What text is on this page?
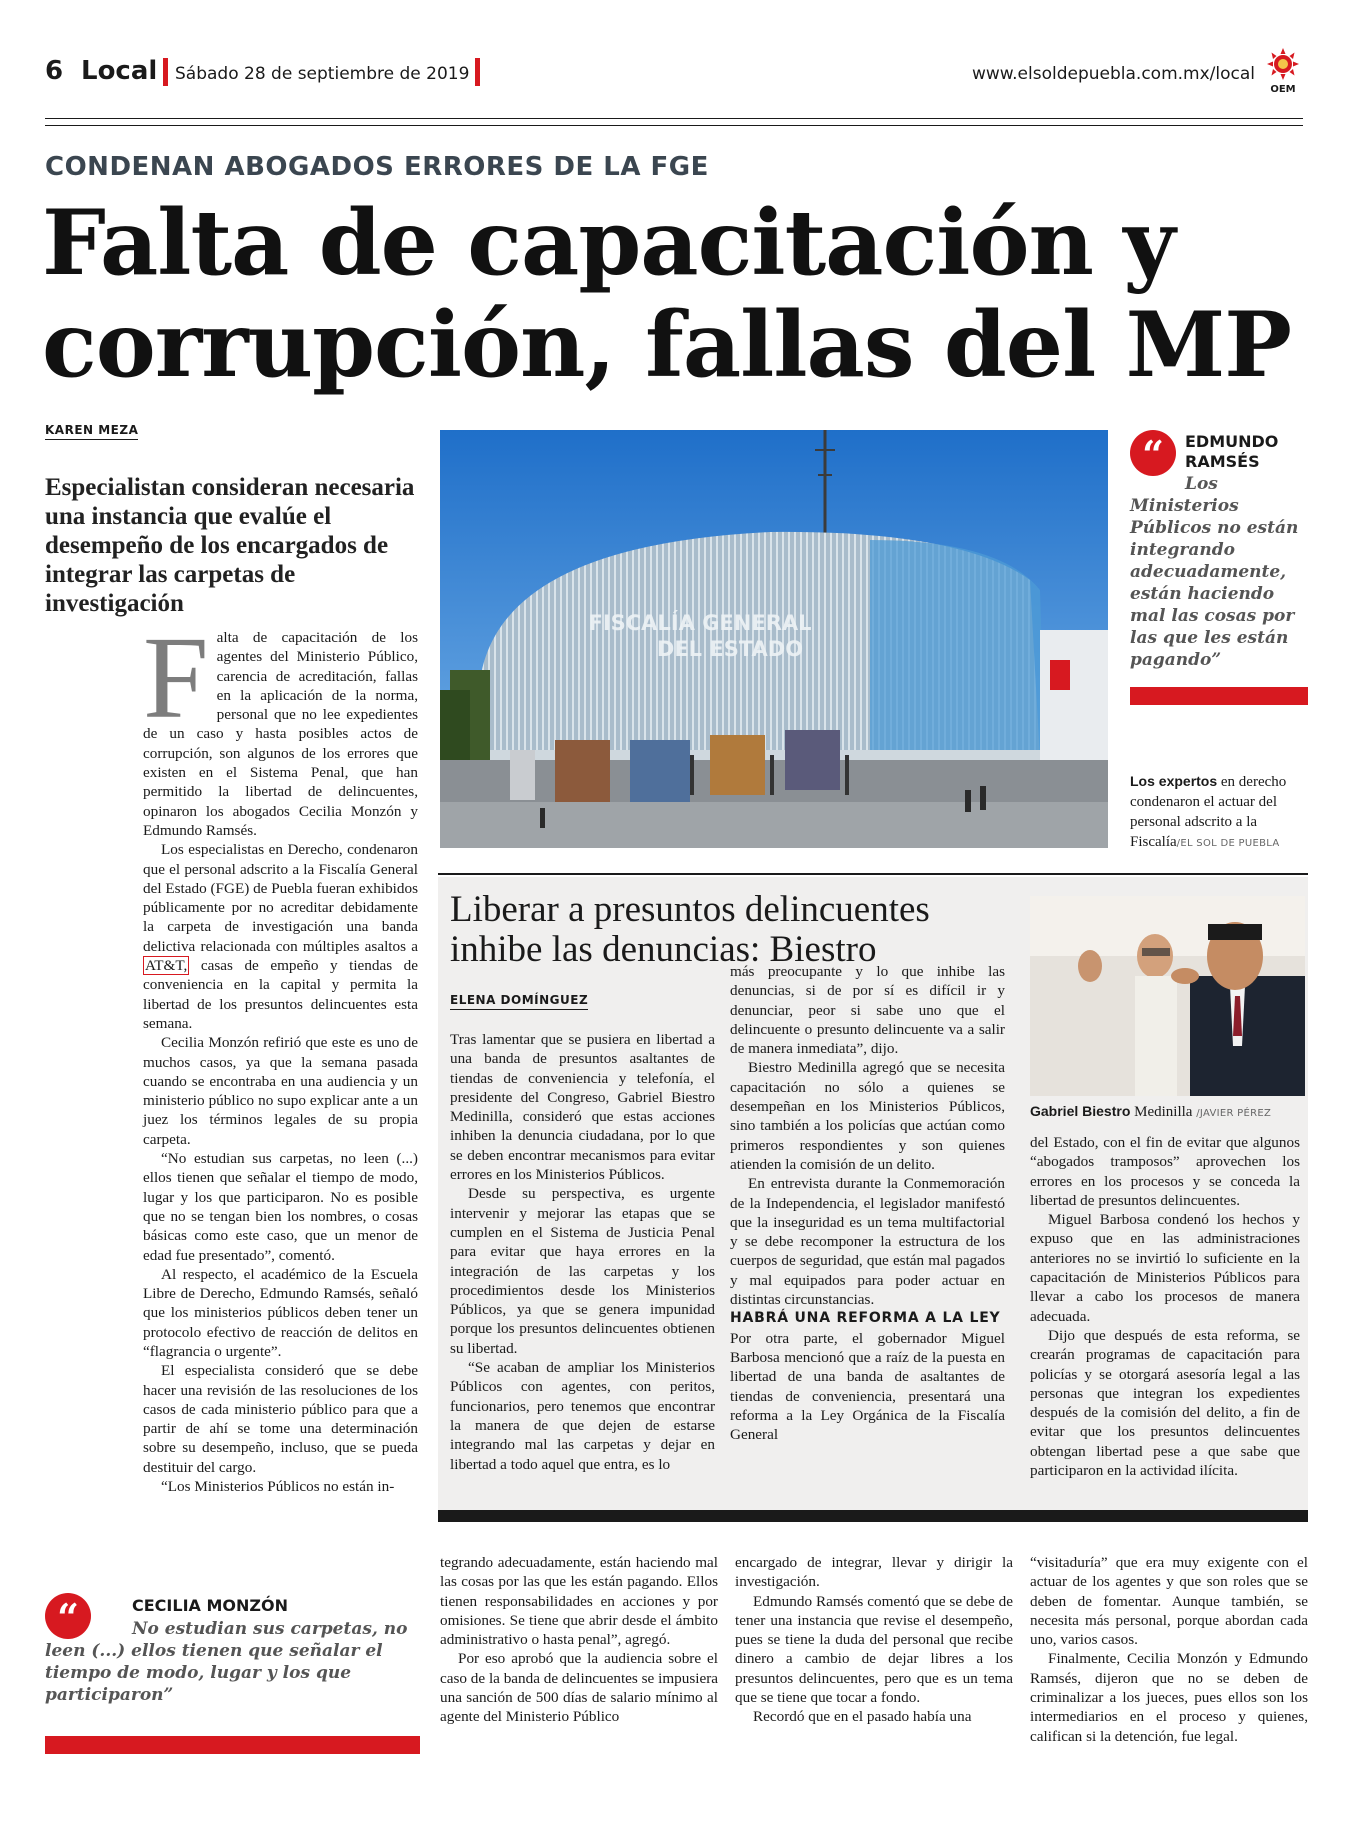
6 Local Sábado 28 de septiembre de 2019	www.elsoldepuebla.com.mx/local
OEM
CONDENAN ABOGADOS ERRORES DE LA FGE
Falta de capacitación y
corrupción, fallas del MP
KAREN MEZA
Especialistan consideran necesaria una instancia que evalúe el desempeño de los encargados de integrar las carpetas de investigación

Falta de capacitación de los agentes del Ministerio Público, carencia de acreditación, fallas en la aplicación de la norma, personal que no lee expedientes de un caso y hasta posibles actos de corrupción, son algunos de los errores que existen en el Sistema Penal, que han permitido la libertad de delincuentes, opinaron los abogados Cecilia Monzón y Edmundo Ramsés.

Los especialistas en Derecho, condenaron que el personal adscrito a la Fiscalía General del Estado (FGE) de Puebla fueran exhibidos públicamente por no acreditar debidamente la carpeta de investigación una banda delictiva relacionada con múltiples asaltos a AT&T, casas de empeño y tiendas de conveniencia en la capital y permita la libertad de los presuntos delincuentes esta semana.

Cecilia Monzón refirió que este es uno de muchos casos, ya que la semana pasada cuando se encontraba en una audiencia y un ministerio público no supo explicar ante a un juez los términos legales de su propia carpeta.

“No estudian sus carpetas, no leen (...) ellos tienen que señalar el tiempo de modo, lugar y los que participaron. No es posible que no se tengan bien los nombres, o cosas básicas como este caso, que un menor de edad fue presentado”, comentó.

Al respecto, el académico de la Escuela Libre de Derecho, Edmundo Ramsés, señaló que los ministerios públicos deben tener un protocolo efectivo de reacción de delitos en “flagrancia o urgente”.

El especialista consideró que se debe hacer una revisión de las resoluciones de los casos de cada ministerio público para que a partir de ahí se tome una determinación sobre su desempeño, incluso, que se pueda destituir del cargo.

“Los Ministerios Públicos no están in-

FISCALÍA GENERAL
DEL ESTADO
“ EDMUNDO
RAMSÉS
Los Ministerios Públicos no están integrando adecuadamente, están haciendo mal las cosas por las que les están pagando”
Los expertos en derecho condenaron el actuar del personal adscrito a la Fiscalía/EL SOL DE PUEBLA
Liberar a presuntos delincuentes inhibe las denuncias: Biestro
ELENA DOMÍNGUEZ

Tras lamentar que se pusiera en libertad a una banda de presuntos asaltantes de tiendas de conveniencia y telefonía, el presidente del Congreso, Gabriel Biestro Medinilla, consideró que estas acciones inhiben la denuncia ciudadana, por lo que se deben encontrar mecanismos para evitar errores en los Ministerios Públicos.

Desde su perspectiva, es urgente intervenir y mejorar las etapas que se cumplen en el Sistema de Justicia Penal para evitar que haya errores en la integración de las carpetas y los procedimientos desde los Ministerios Públicos, ya que se genera impunidad porque los presuntos delincuentes obtienen su libertad.

“Se acaban de ampliar los Ministerios Públicos con agentes, con peritos, funcionarios, pero tenemos que encontrar la manera de que dejen de estarse integrando mal las carpetas y dejar en libertad a todo aquel que entra, es lo

más preocupante y lo que inhibe las denuncias, si de por sí es difícil ir y denunciar, peor si sabe uno que el delincuente o presunto delincuente va a salir de manera inmediata”, dijo.

Biestro Medinilla agregó que se necesita capacitación no sólo a quienes se desempeñan en los Ministerios Públicos, sino también a los policías que actúan como primeros respondientes y son quienes atienden la comisión de un delito.

En entrevista durante la Conmemoración de la Independencia, el legislador manifestó que la inseguridad es un tema multifactorial y se debe recomponer la estructura de los cuerpos de seguridad, que están mal pagados y mal equipados para poder actuar en distintas circunstancias.

HABRÁ UNA REFORMA A LA LEY

Por otra parte, el gobernador Miguel Barbosa mencionó que a raíz de la puesta en libertad de una banda de asaltantes de tiendas de conveniencia, presentará una reforma a la Ley Orgánica de la Fiscalía General

Gabriel Biestro Medinilla /JAVIER PÉREZ

del Estado, con el fin de evitar que algunos “abogados tramposos” aprovechen los errores en los procesos y se conceda la libertad de presuntos delincuentes.

Miguel Barbosa condenó los hechos y expuso que en las administraciones anteriores no se invirtió lo suficiente en la capacitación de Ministerios Públicos para llevar a cabo los procesos de manera adecuada.

Dijo que después de esta reforma, se crearán programas de capacitación para policías y se otorgará asesoría legal a las personas que integran los expedientes después de la comisión del delito, a fin de evitar que los presuntos delincuentes obtengan libertad pese a que sabe que participaron en la actividad ilícita.

“	CECILIA MONZÓN
No estudian sus carpetas, no leen (...) ellos tienen que señalar el tiempo de modo, lugar y los que participaron”

tegrando adecuadamente, están haciendo mal las cosas por las que les están pagando. Ellos tienen responsabilidades en acciones y por omisiones. Se tiene que abrir desde el ámbito administrativo o hasta penal”, agregó.

Por eso aprobó que la audiencia sobre el caso de la banda de delincuentes se impusiera una sanción de 500 días de salario mínimo al agente del Ministerio Público

encargado de integrar, llevar y dirigir la investigación.

Edmundo Ramsés comentó que se debe de tener una instancia que revise el desempeño, pues se tiene la duda del personal que recibe dinero a cambio de dejar libres a los presuntos delincuentes, pero que es un tema que se tiene que tocar a fondo.

Recordó que en el pasado había una

“visitaduría” que era muy exigente con el actuar de los agentes y que son roles que se deben de fomentar. Aunque también, se necesita más personal, porque abordan cada uno, varios casos.

Finalmente, Cecilia Monzón y Edmundo Ramsés, dijeron que no se deben de criminalizar a los jueces, pues ellos son los intermediarios en el proceso y quienes, califican si la detención, fue legal.
